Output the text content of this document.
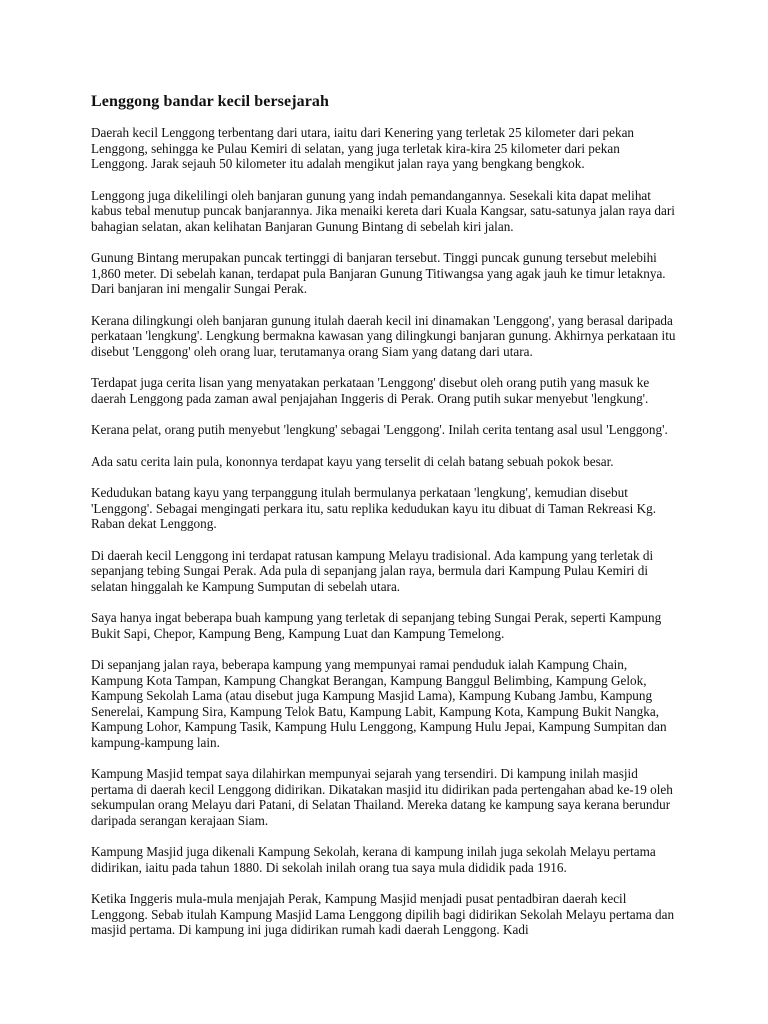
Lenggong bandar kecil bersejarah

Daerah kecil Lenggong terbentang dari utara, iaitu dari Kenering yang terletak 25 kilometer dari pekan Lenggong, sehingga ke Pulau Kemiri di selatan, yang juga terletak kira-kira 25 kilometer dari pekan Lenggong. Jarak sejauh 50 kilometer itu adalah mengikut jalan raya yang bengkang bengkok.

Lenggong juga dikelilingi oleh banjaran gunung yang indah pemandangannya. Sesekali kita dapat melihat kabus tebal menutup puncak banjarannya. Jika menaiki kereta dari Kuala Kangsar, satu-satunya jalan raya dari bahagian selatan, akan kelihatan Banjaran Gunung Bintang di sebelah kiri jalan.

Gunung Bintang merupakan puncak tertinggi di banjaran tersebut. Tinggi puncak gunung tersebut melebihi 1,860 meter. Di sebelah kanan, terdapat pula Banjaran Gunung Titiwangsa yang agak jauh ke timur letaknya. Dari banjaran ini mengalir Sungai Perak.

Kerana dilingkungi oleh banjaran gunung itulah daerah kecil ini dinamakan 'Lenggong', yang berasal daripada perkataan 'lengkung'. Lengkung bermakna kawasan yang dilingkungi banjaran gunung. Akhirnya perkataan itu disebut 'Lenggong' oleh orang luar, terutamanya orang Siam yang datang dari utara.

Terdapat juga cerita lisan yang menyatakan perkataan 'Lenggong' disebut oleh orang putih yang masuk ke daerah Lenggong pada zaman awal penjajahan Inggeris di Perak. Orang putih sukar menyebut 'lengkung'.

Kerana pelat, orang putih menyebut 'lengkung' sebagai 'Lenggong'. Inilah cerita tentang asal usul 'Lenggong'.

Ada satu cerita lain pula, kononnya terdapat kayu yang terselit di celah batang sebuah pokok besar.

Kedudukan batang kayu yang terpanggung itulah bermulanya perkataan 'lengkung', kemudian disebut 'Lenggong'. Sebagai mengingati perkara itu, satu replika kedudukan kayu itu dibuat di Taman Rekreasi Kg. Raban dekat Lenggong.

Di daerah kecil Lenggong ini terdapat ratusan kampung Melayu tradisional. Ada kampung yang terletak di sepanjang tebing Sungai Perak. Ada pula di sepanjang jalan raya, bermula dari Kampung Pulau Kemiri di selatan hinggalah ke Kampung Sumputan di sebelah utara.

Saya hanya ingat beberapa buah kampung yang terletak di sepanjang tebing Sungai Perak, seperti Kampung Bukit Sapi, Chepor, Kampung Beng, Kampung Luat dan Kampung Temelong.

Di sepanjang jalan raya, beberapa kampung yang mempunyai ramai penduduk ialah Kampung Chain, Kampung Kota Tampan, Kampung Changkat Berangan, Kampung Banggul Belimbing, Kampung Gelok, Kampung Sekolah Lama (atau disebut juga Kampung Masjid Lama), Kampung Kubang Jambu, Kampung Senerelai, Kampung Sira, Kampung Telok Batu, Kampung Labit, Kampung Kota, Kampung Bukit Nangka, Kampung Lohor, Kampung Tasik, Kampung Hulu Lenggong, Kampung Hulu Jepai, Kampung Sumpitan dan kampung-kampung lain.

Kampung Masjid tempat saya dilahirkan mempunyai sejarah yang tersendiri. Di kampung inilah masjid pertama di daerah kecil Lenggong didirikan. Dikatakan masjid itu didirikan pada pertengahan abad ke-19 oleh sekumpulan orang Melayu dari Patani, di Selatan Thailand. Mereka datang ke kampung saya kerana berundur daripada serangan kerajaan Siam.

Kampung Masjid juga dikenali Kampung Sekolah, kerana di kampung inilah juga sekolah Melayu pertama didirikan, iaitu pada tahun 1880. Di sekolah inilah orang tua saya mula dididik pada 1916.

Ketika Inggeris mula-mula menjajah Perak, Kampung Masjid menjadi pusat pentadbiran daerah kecil Lenggong. Sebab itulah Kampung Masjid Lama Lenggong dipilih bagi didirikan Sekolah Melayu pertama dan masjid pertama. Di kampung ini juga didirikan rumah kadi daerah Lenggong. Kadi
